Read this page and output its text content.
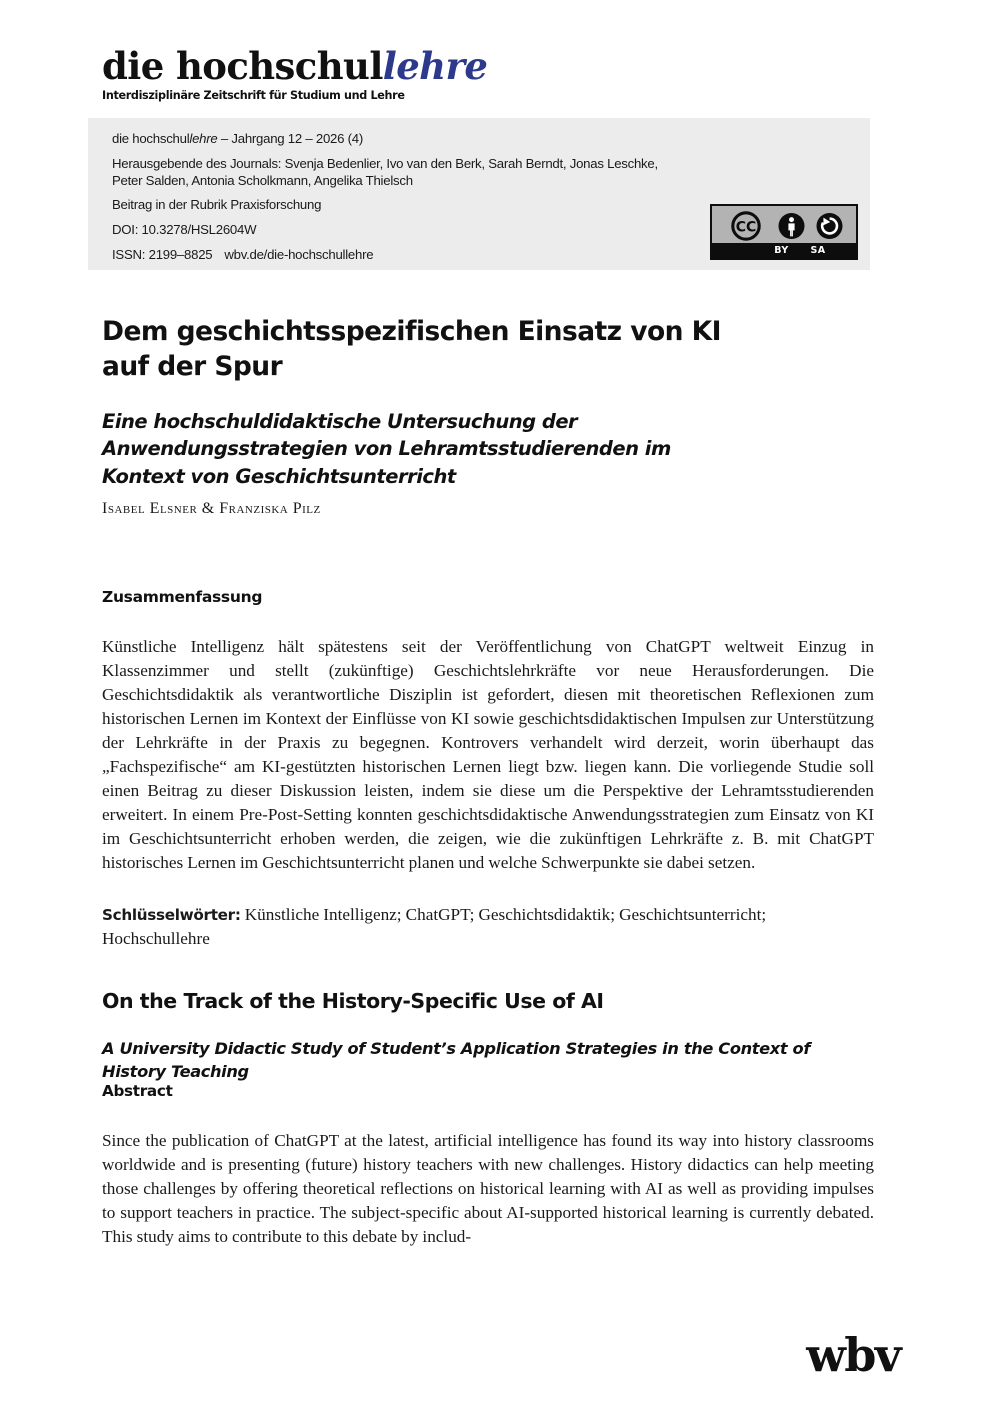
die hochschullehre
Interdisziplinäre Zeitschrift für Studium und Lehre
die hochschullehre – Jahrgang 12 – 2026 (4)
Herausgebende des Journals: Svenja Bedenlier, Ivo van den Berk, Sarah Berndt, Jonas Leschke,
Peter Salden, Antonia Scholkmann, Angelika Thielsch
Beitrag in der Rubrik Praxisforschung
DOI: 10.3278/HSL2604W
ISSN: 2199–8825 wbv.de/die-hochschullehre
CC
BY	SA
Dem geschichtsspezifischen Einsatz von KI auf der Spur
Eine hochschuldidaktische Untersuchung der Anwendungsstrategien von Lehramtsstudierenden im Kontext von Geschichtsunterricht
Isabel Elsner & Franziska Pilz
Zusammenfassung

Künstliche Intelligenz hält spätestens seit der Veröffentlichung von ChatGPT weltweit Einzug in Klassenzimmer und stellt (zukünftige) Geschichtslehrkräfte vor neue Herausforderungen. Die Geschichtsdidaktik als verantwortliche Disziplin ist gefordert, diesen mit theoretischen Reflexionen zum historischen Lernen im Kontext der Einflüsse von KI sowie geschichtsdidaktischen Impulsen zur Unterstützung der Lehrkräfte in der Praxis zu begegnen. Kontrovers verhandelt wird derzeit, worin überhaupt das „Fachspezifische“ am KI-gestützten historischen Lernen liegt bzw. liegen kann. Die vorliegende Studie soll einen Beitrag zu dieser Diskussion leisten, indem sie diese um die Perspektive der Lehramtsstudierenden erweitert. In einem Pre-Post-Setting konnten geschichtsdidaktische Anwendungsstrategien zum Einsatz von KI im Geschichtsunterricht erhoben werden, die zeigen, wie die zukünftigen Lehrkräfte z. B. mit ChatGPT historisches Lernen im Geschichtsunterricht planen und welche Schwerpunkte sie dabei setzen.

Schlüsselwörter: Künstliche Intelligenz; ChatGPT; Geschichtsdidaktik; Geschichtsunterricht; Hochschullehre

On the Track of the History-Specific Use of AI
A University Didactic Study of Student’s Application Strategies in the Context of History Teaching
Abstract

Since the publication of ChatGPT at the latest, artificial intelligence has found its way into history classrooms worldwide and is presenting (future) history teachers with new challenges. History didactics can help meeting those challenges by offering theoretical reflections on historical learning with AI as well as providing impulses to support teachers in practice. The subject-specific about AI-supported historical learning is currently debated. This study aims to contribute to this debate by includ-

wbv
